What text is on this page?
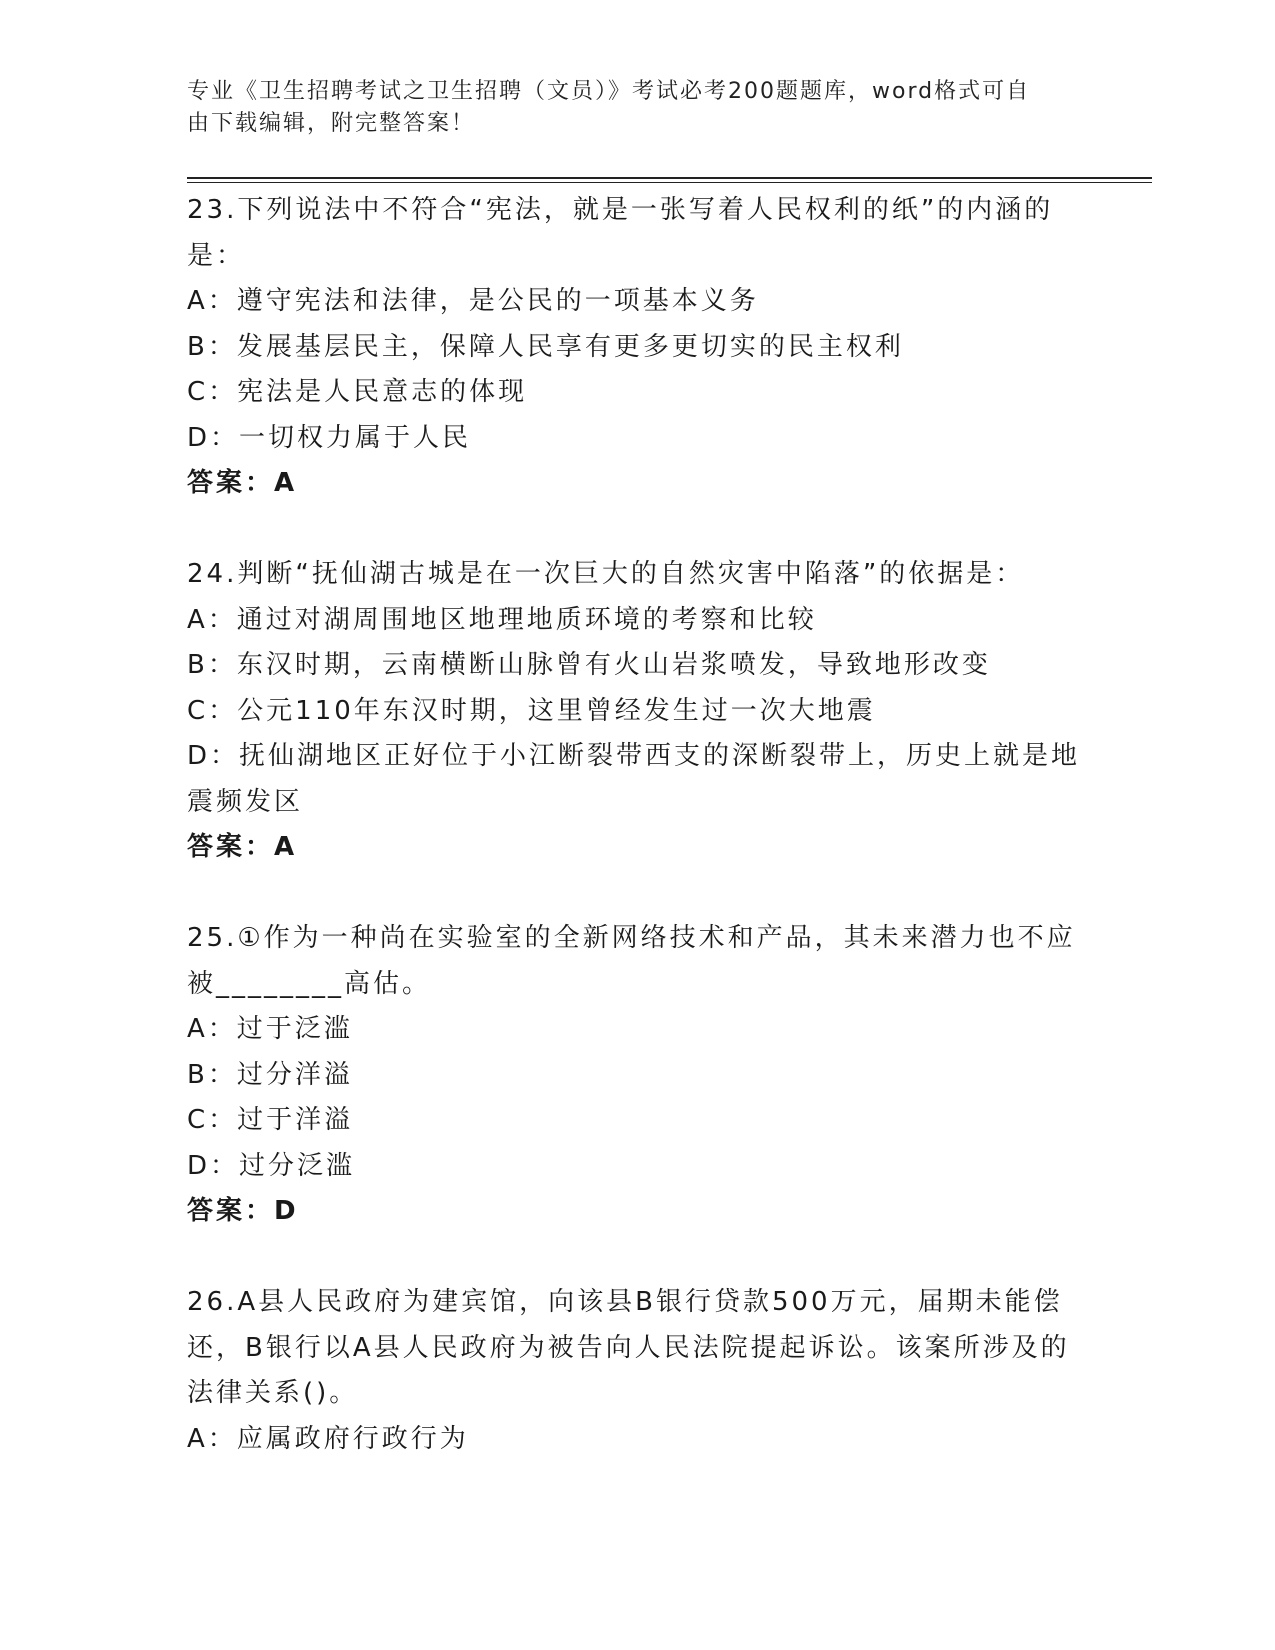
专业《卫生招聘考试之卫生招聘（文员）》考试必考200题题库，word格式可自
由下载编辑，附完整答案！
23.下列说法中不符合“宪法，就是一张写着人民权利的纸”的内涵的
是：
A：遵守宪法和法律，是公民的一项基本义务
B：发展基层民主，保障人民享有更多更切实的民主权利
C：宪法是人民意志的体现
D：一切权力属于人民
答案：A
24.判断“抚仙湖古城是在一次巨大的自然灾害中陷落”的依据是：
A：通过对湖周围地区地理地质环境的考察和比较
B：东汉时期，云南横断山脉曾有火山岩浆喷发，导致地形改变
C：公元110年东汉时期，这里曾经发生过一次大地震
D：抚仙湖地区正好位于小江断裂带西支的深断裂带上，历史上就是地
震频发区
答案：A
25.①作为一种尚在实验室的全新网络技术和产品，其未来潜力也不应
被________高估。
A：过于泛滥
B：过分洋溢
C：过于洋溢
D：过分泛滥
答案：D
26.A县人民政府为建宾馆，向该县B银行贷款500万元，届期未能偿
还，B银行以A县人民政府为被告向人民法院提起诉讼。该案所涉及的
法律关系()。
A：应属政府行政行为
